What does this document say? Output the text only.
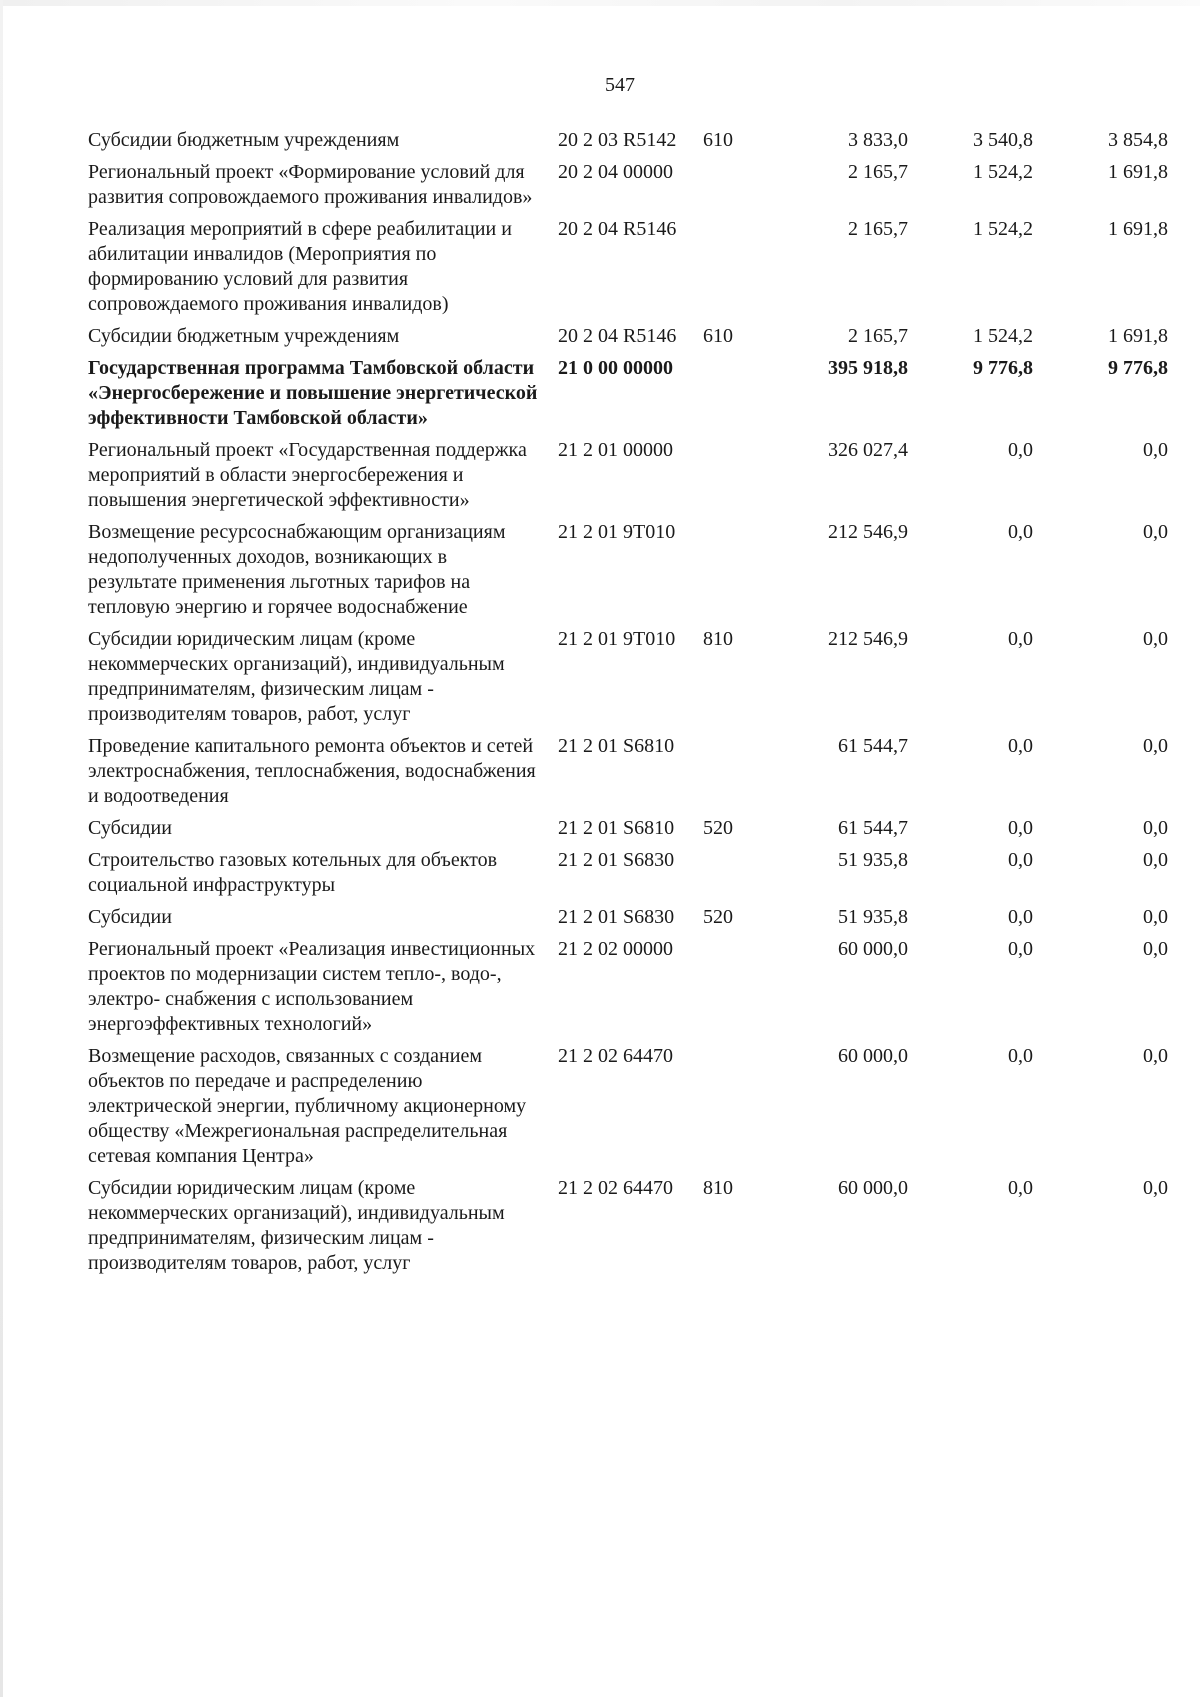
547
Субсидии бюджетным учреждениям	20 2 03 R5142	610	3 833,0	3 540,8	3 854,8
Региональный проект «Формирование условий для развития сопровождаемого проживания инвалидов»	20 2 04 00000		2 165,7	1 524,2	1 691,8
Реализация мероприятий в сфере реабилитации и абилитации инвалидов (Мероприятия по формированию условий для развития сопровождаемого проживания инвалидов)	20 2 04 R5146		2 165,7	1 524,2	1 691,8
Субсидии бюджетным учреждениям	20 2 04 R5146	610	2 165,7	1 524,2	1 691,8
Государственная программа Тамбовской области «Энергосбережение и повышение энергетической эффективности Тамбовской области»	21 0 00 00000		395 918,8	9 776,8	9 776,8
Региональный проект «Государственная поддержка мероприятий в области энергосбережения и повышения энергетической эффективности»	21 2 01 00000		326 027,4	0,0	0,0
Возмещение ресурсоснабжающим организациям недополученных доходов, возникающих в результате применения льготных тарифов на тепловую энергию и горячее водоснабжение	21 2 01 9Т010		212 546,9	0,0	0,0
Субсидии юридическим лицам (кроме некоммерческих организаций), индивидуальным предпринимателям, физическим лицам - производителям товаров, работ, услуг	21 2 01 9Т010	810	212 546,9	0,0	0,0
Проведение капитального ремонта объектов и сетей электроснабжения, теплоснабжения, водоснабжения и водоотведения	21 2 01 S6810		61 544,7	0,0	0,0
Субсидии	21 2 01 S6810	520	61 544,7	0,0	0,0
Строительство газовых котельных для объектов социальной инфраструктуры	21 2 01 S6830		51 935,8	0,0	0,0
Субсидии	21 2 01 S6830	520	51 935,8	0,0	0,0
Региональный проект «Реализация инвестиционных проектов по модернизации систем тепло-, водо-, электро- снабжения с использованием энергоэффективных технологий»	21 2 02 00000		60 000,0	0,0	0,0
Возмещение расходов, связанных с созданием объектов по передаче и распределению электрической энергии, публичному акционерному обществу «Межрегиональная распределительная сетевая компания Центра»	21 2 02 64470		60 000,0	0,0	0,0
Субсидии юридическим лицам (кроме некоммерческих организаций), индивидуальным предпринимателям, физическим лицам - производителям товаров, работ, услуг	21 2 02 64470	810	60 000,0	0,0	0,0
